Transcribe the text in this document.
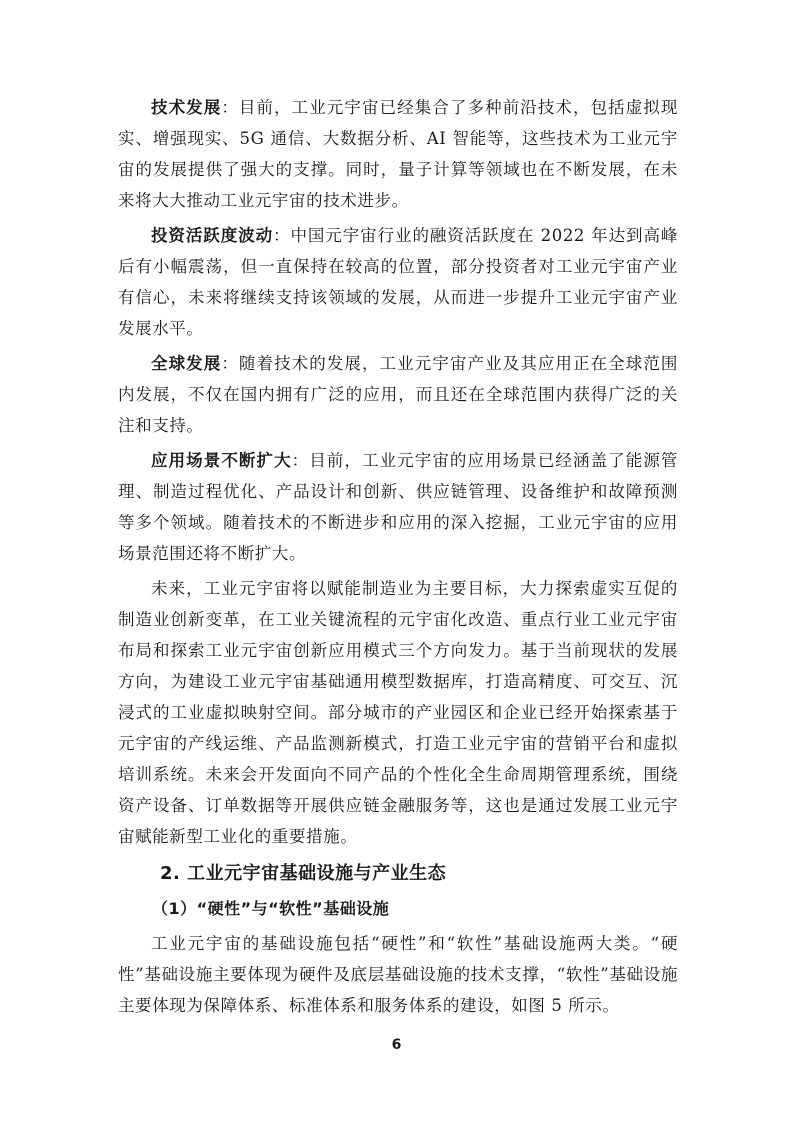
技术发展：目前，工业元宇宙已经集合了多种前沿技术，包括虚拟现实、增强现实、5G 通信、大数据分析、AI 智能等，这些技术为工业元宇宙的发展提供了强大的支撑。同时，量子计算等领域也在不断发展，在未来将大大推动工业元宇宙的技术进步。

投资活跃度波动：中国元宇宙行业的融资活跃度在 2022 年达到高峰后有小幅震荡，但一直保持在较高的位置，部分投资者对工业元宇宙产业有信心，未来将继续支持该领域的发展，从而进一步提升工业元宇宙产业发展水平。

全球发展：随着技术的发展，工业元宇宙产业及其应用正在全球范围内发展，不仅在国内拥有广泛的应用，而且还在全球范围内获得广泛的关注和支持。

应用场景不断扩大：目前，工业元宇宙的应用场景已经涵盖了能源管理、制造过程优化、产品设计和创新、供应链管理、设备维护和故障预测等多个领域。随着技术的不断进步和应用的深入挖掘，工业元宇宙的应用场景范围还将不断扩大。

未来，工业元宇宙将以赋能制造业为主要目标，大力探索虚实互促的制造业创新变革，在工业关键流程的元宇宙化改造、重点行业工业元宇宙布局和探索工业元宇宙创新应用模式三个方向发力。基于当前现状的发展方向，为建设工业元宇宙基础通用模型数据库，打造高精度、可交互、沉浸式的工业虚拟映射空间。部分城市的产业园区和企业已经开始探索基于元宇宙的产线运维、产品监测新模式，打造工业元宇宙的营销平台和虚拟培训系统。未来会开发面向不同产品的个性化全生命周期管理系统，围绕资产设备、订单数据等开展供应链金融服务等，这也是通过发展工业元宇宙赋能新型工业化的重要措施。

2. 工业元宇宙基础设施与产业生态
（1）“硬性”与“软性”基础设施

工业元宇宙的基础设施包括“硬性”和“软性”基础设施两大类。“硬性”基础设施主要体现为硬件及底层基础设施的技术支撑，“软性”基础设施主要体现为保障体系、标准体系和服务体系的建设，如图 5 所示。

6
